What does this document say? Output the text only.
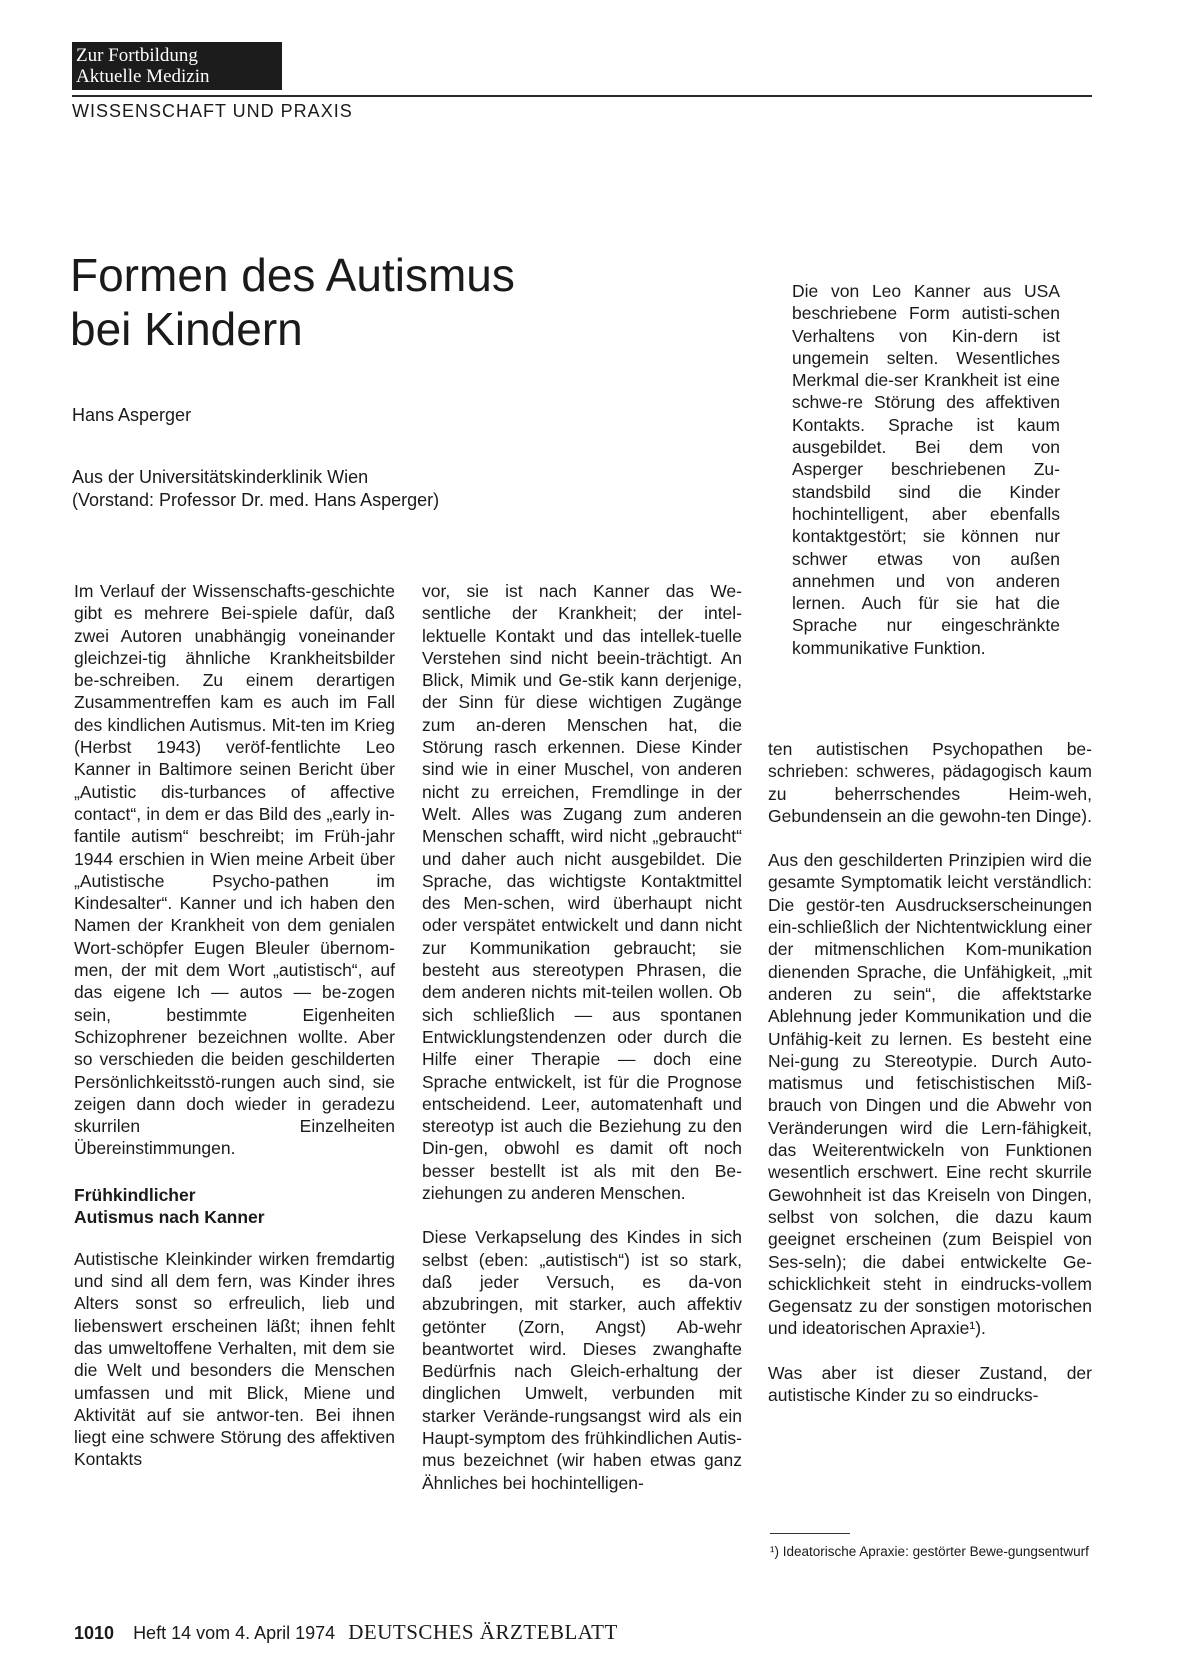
Zur Fortbildung
Aktuelle Medizin
WISSENSCHAFT UND PRAXIS
Formen des Autismus
bei Kindern
Hans Asperger
Aus der Universitätskinderklinik Wien
(Vorstand: Professor Dr. med. Hans Asperger)

Im Verlauf der Wissenschafts-geschichte gibt es mehrere Bei-spiele dafür, daß zwei Autoren unabhängig voneinander gleichzei-tig ähnliche Krankheitsbilder be-schreiben. Zu einem derartigen Zusammentreffen kam es auch im Fall des kindlichen Autismus. Mit-ten im Krieg (Herbst 1943) veröf-fentlichte Leo Kanner in Baltimore seinen Bericht über „Autistic dis-turbances of affective contact“, in dem er das Bild des „early in-fantile autism“ beschreibt; im Früh-jahr 1944 erschien in Wien meine Arbeit über „Autistische Psycho-pathen im Kindesalter“. Kanner und ich haben den Namen der Krankheit von dem genialen Wort-schöpfer Eugen Bleuler übernom-men, der mit dem Wort „autistisch“, auf das eigene Ich — autos — be-zogen sein, bestimmte Eigenheiten Schizophrener bezeichnen wollte. Aber so verschieden die beiden geschilderten Persönlichkeitsstö-rungen auch sind, sie zeigen dann doch wieder in geradezu skurrilen Einzelheiten Übereinstimmungen.

Frühkindlicher
Autismus nach Kanner

Autistische Kleinkinder wirken fremdartig und sind all dem fern, was Kinder ihres Alters sonst so erfreulich, lieb und liebenswert erscheinen läßt; ihnen fehlt das umweltoffene Verhalten, mit dem sie die Welt und besonders die Menschen umfassen und mit Blick, Miene und Aktivität auf sie antwor-ten. Bei ihnen liegt eine schwere Störung des affektiven Kontakts

vor, sie ist nach Kanner das We-sentliche der Krankheit; der intel-lektuelle Kontakt und das intellek-tuelle Verstehen sind nicht beein-trächtigt. An Blick, Mimik und Ge-stik kann derjenige, der Sinn für diese wichtigen Zugänge zum an-deren Menschen hat, die Störung rasch erkennen. Diese Kinder sind wie in einer Muschel, von anderen nicht zu erreichen, Fremdlinge in der Welt. Alles was Zugang zum anderen Menschen schafft, wird nicht „gebraucht“ und daher auch nicht ausgebildet. Die Sprache, das wichtigste Kontaktmittel des Men-schen, wird überhaupt nicht oder verspätet entwickelt und dann nicht zur Kommunikation gebraucht; sie besteht aus stereotypen Phrasen, die dem anderen nichts mit-teilen wollen. Ob sich schließlich — aus spontanen Entwicklungstendenzen oder durch die Hilfe einer Therapie — doch eine Sprache entwickelt, ist für die Prognose entscheidend. Leer, automatenhaft und stereotyp ist auch die Beziehung zu den Din-gen, obwohl es damit oft noch besser bestellt ist als mit den Be-ziehungen zu anderen Menschen.

Diese Verkapselung des Kindes in sich selbst (eben: „autistisch“) ist so stark, daß jeder Versuch, es da-von abzubringen, mit starker, auch affektiv getönter (Zorn, Angst) Ab-wehr beantwortet wird. Dieses zwanghafte Bedürfnis nach Gleich-erhaltung der dinglichen Umwelt, verbunden mit starker Verände-rungsangst wird als ein Haupt-symptom des frühkindlichen Autis-mus bezeichnet (wir haben etwas ganz Ähnliches bei hochintelligen-

Die von Leo Kanner aus USA beschriebene Form autisti-schen Verhaltens von Kin-dern ist ungemein selten. Wesentliches Merkmal die-ser Krankheit ist eine schwe-re Störung des affektiven Kontakts. Sprache ist kaum ausgebildet. Bei dem von Asperger beschriebenen Zu-standsbild sind die Kinder hochintelligent, aber ebenfalls kontaktgestört; sie können nur schwer etwas von außen annehmen und von anderen lernen. Auch für sie hat die Sprache nur eingeschränkte kommunikative Funktion.

ten autistischen Psychopathen be-schrieben: schweres, pädagogisch kaum zu beherrschendes Heim-weh, Gebundensein an die gewohn-ten Dinge).

Aus den geschilderten Prinzipien wird die gesamte Symptomatik leicht verständlich: Die gestör-ten Ausdruckserscheinungen ein-schließlich der Nichtentwicklung einer der mitmenschlichen Kom-munikation dienenden Sprache, die Unfähigkeit, „mit anderen zu sein“, die affektstarke Ablehnung jeder Kommunikation und die Unfähig-keit zu lernen. Es besteht eine Nei-gung zu Stereotypie. Durch Auto-matismus und fetischistischen Miß-brauch von Dingen und die Abwehr von Veränderungen wird die Lern-fähigkeit, das Weiterentwickeln von Funktionen wesentlich erschwert. Eine recht skurrile Gewohnheit ist das Kreiseln von Dingen, selbst von solchen, die dazu kaum geeignet erscheinen (zum Beispiel von Ses-seln); die dabei entwickelte Ge-schicklichkeit steht in eindrucks-vollem Gegensatz zu der sonstigen motorischen und ideatorischen Apraxie¹).

Was aber ist dieser Zustand, der autistische Kinder zu so eindrucks-

¹) Ideatorische Apraxie: gestörter Bewe-gungsentwurf
1010 Heft 14 vom 4. April 1974 DEUTSCHES ÄRZTEBLATT
